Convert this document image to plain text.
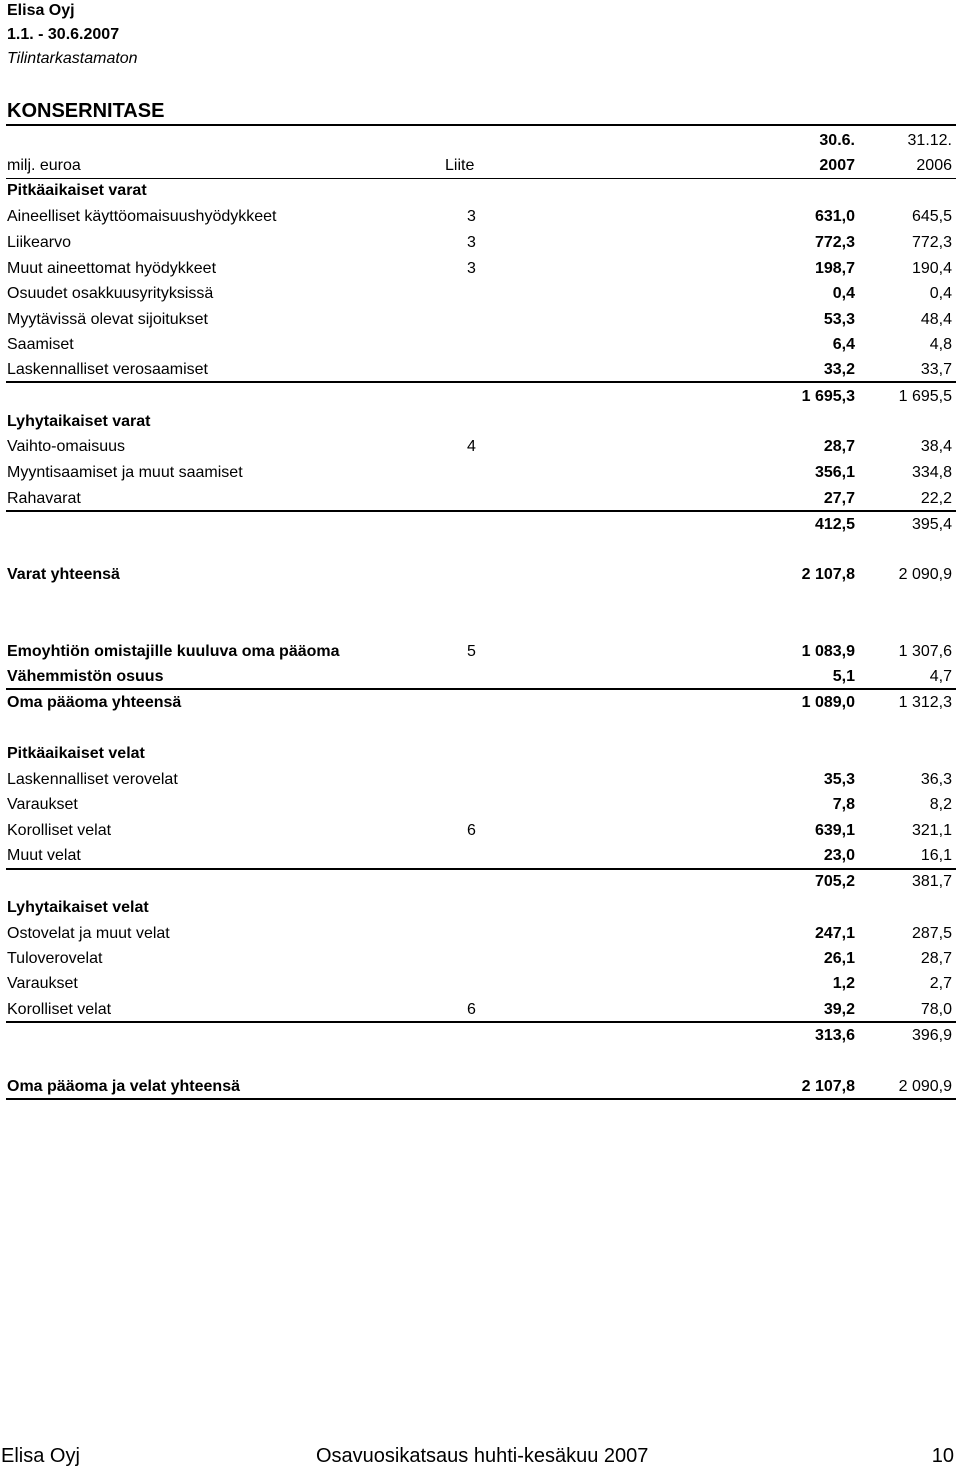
Elisa Oyj
1.1. - 30.6.2007
Tilintarkastamaton
KONSERNITASE
30.6.	31.12.
milj. euroa	Liite	2007	2006
Pitkäaikaiset varat
Aineelliset käyttöomaisuushyödykkeet	3	631,0	645,5
Liikearvo	3	772,3	772,3
Muut aineettomat hyödykkeet	3	198,7	190,4
Osuudet osakkuusyrityksissä	0,4	0,4
Myytävissä olevat sijoitukset	53,3	48,4
Saamiset	6,4	4,8
Laskennalliset verosaamiset	33,2	33,7
1 695,3	1 695,5
Lyhytaikaiset varat
Vaihto-omaisuus	4	28,7	38,4
Myyntisaamiset ja muut saamiset	356,1	334,8
Rahavarat	27,7	22,2
412,5	395,4
Varat yhteensä	2 107,8	2 090,9
Emoyhtiön omistajille kuuluva oma pääoma	5	1 083,9	1 307,6
Vähemmistön osuus	5,1	4,7
Oma pääoma yhteensä	1 089,0	1 312,3
Pitkäaikaiset velat
Laskennalliset verovelat	35,3	36,3
Varaukset	7,8	8,2
Korolliset velat	6	639,1	321,1
Muut velat	23,0	16,1
705,2	381,7
Lyhytaikaiset velat
Ostovelat ja muut velat	247,1	287,5
Tuloverovelat	26,1	28,7
Varaukset	1,2	2,7
Korolliset velat	6	39,2	78,0
313,6	396,9
Oma pääoma ja velat yhteensä	2 107,8	2 090,9
Elisa Oyj	Osavuosikatsaus huhti-kesäkuu 2007	10
